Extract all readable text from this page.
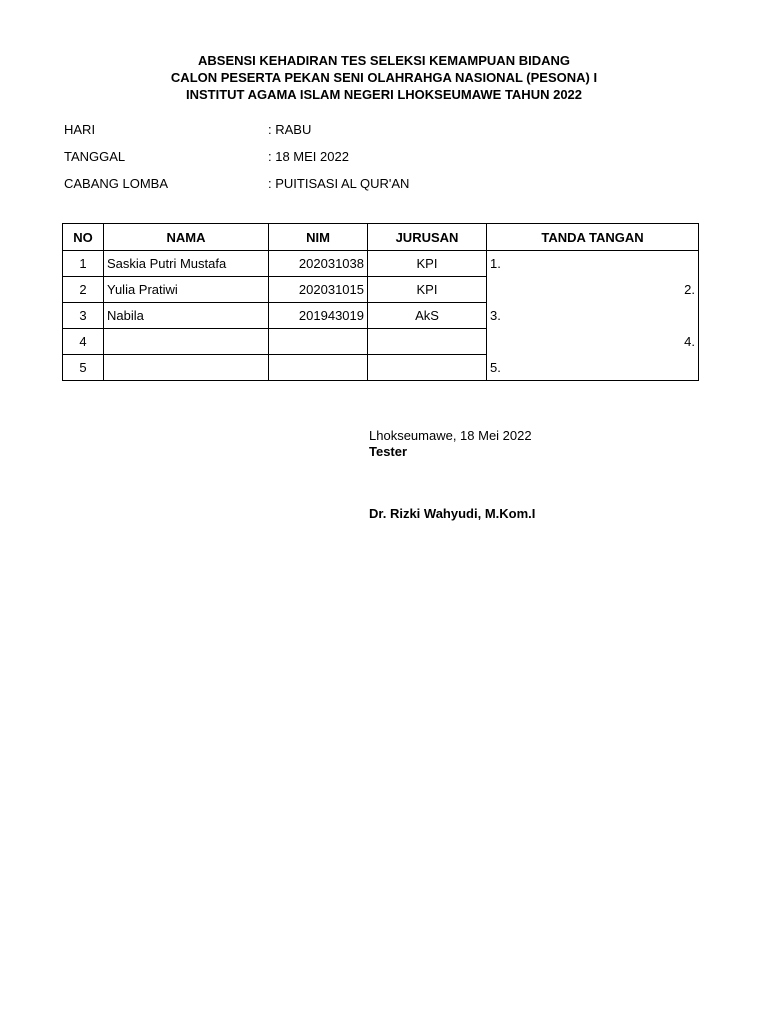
ABSENSI KEHADIRAN TES SELEKSI KEMAMPUAN BIDANG
CALON PESERTA PEKAN SENI OLAHRAHGA NASIONAL (PESONA) I
INSTITUT AGAMA ISLAM NEGERI LHOKSEUMAWE TAHUN 2022
HARI	: RABU
TANGGAL	: 18 MEI 2022
CABANG LOMBA	: PUITISASI AL QUR'AN
NO	NAMA	NIM	JURUSAN	TANDA TANGAN
1	Saskia Putri Mustafa	202031038	KPI	1.
2	Yulia Pratiwi	202031015	KPI	2.
3	Nabila	201943019	AkS	3.
4				4.
5				5.
Lhokseumawe, 18 Mei 2022
Tester
Dr. Rizki Wahyudi, M.Kom.I
